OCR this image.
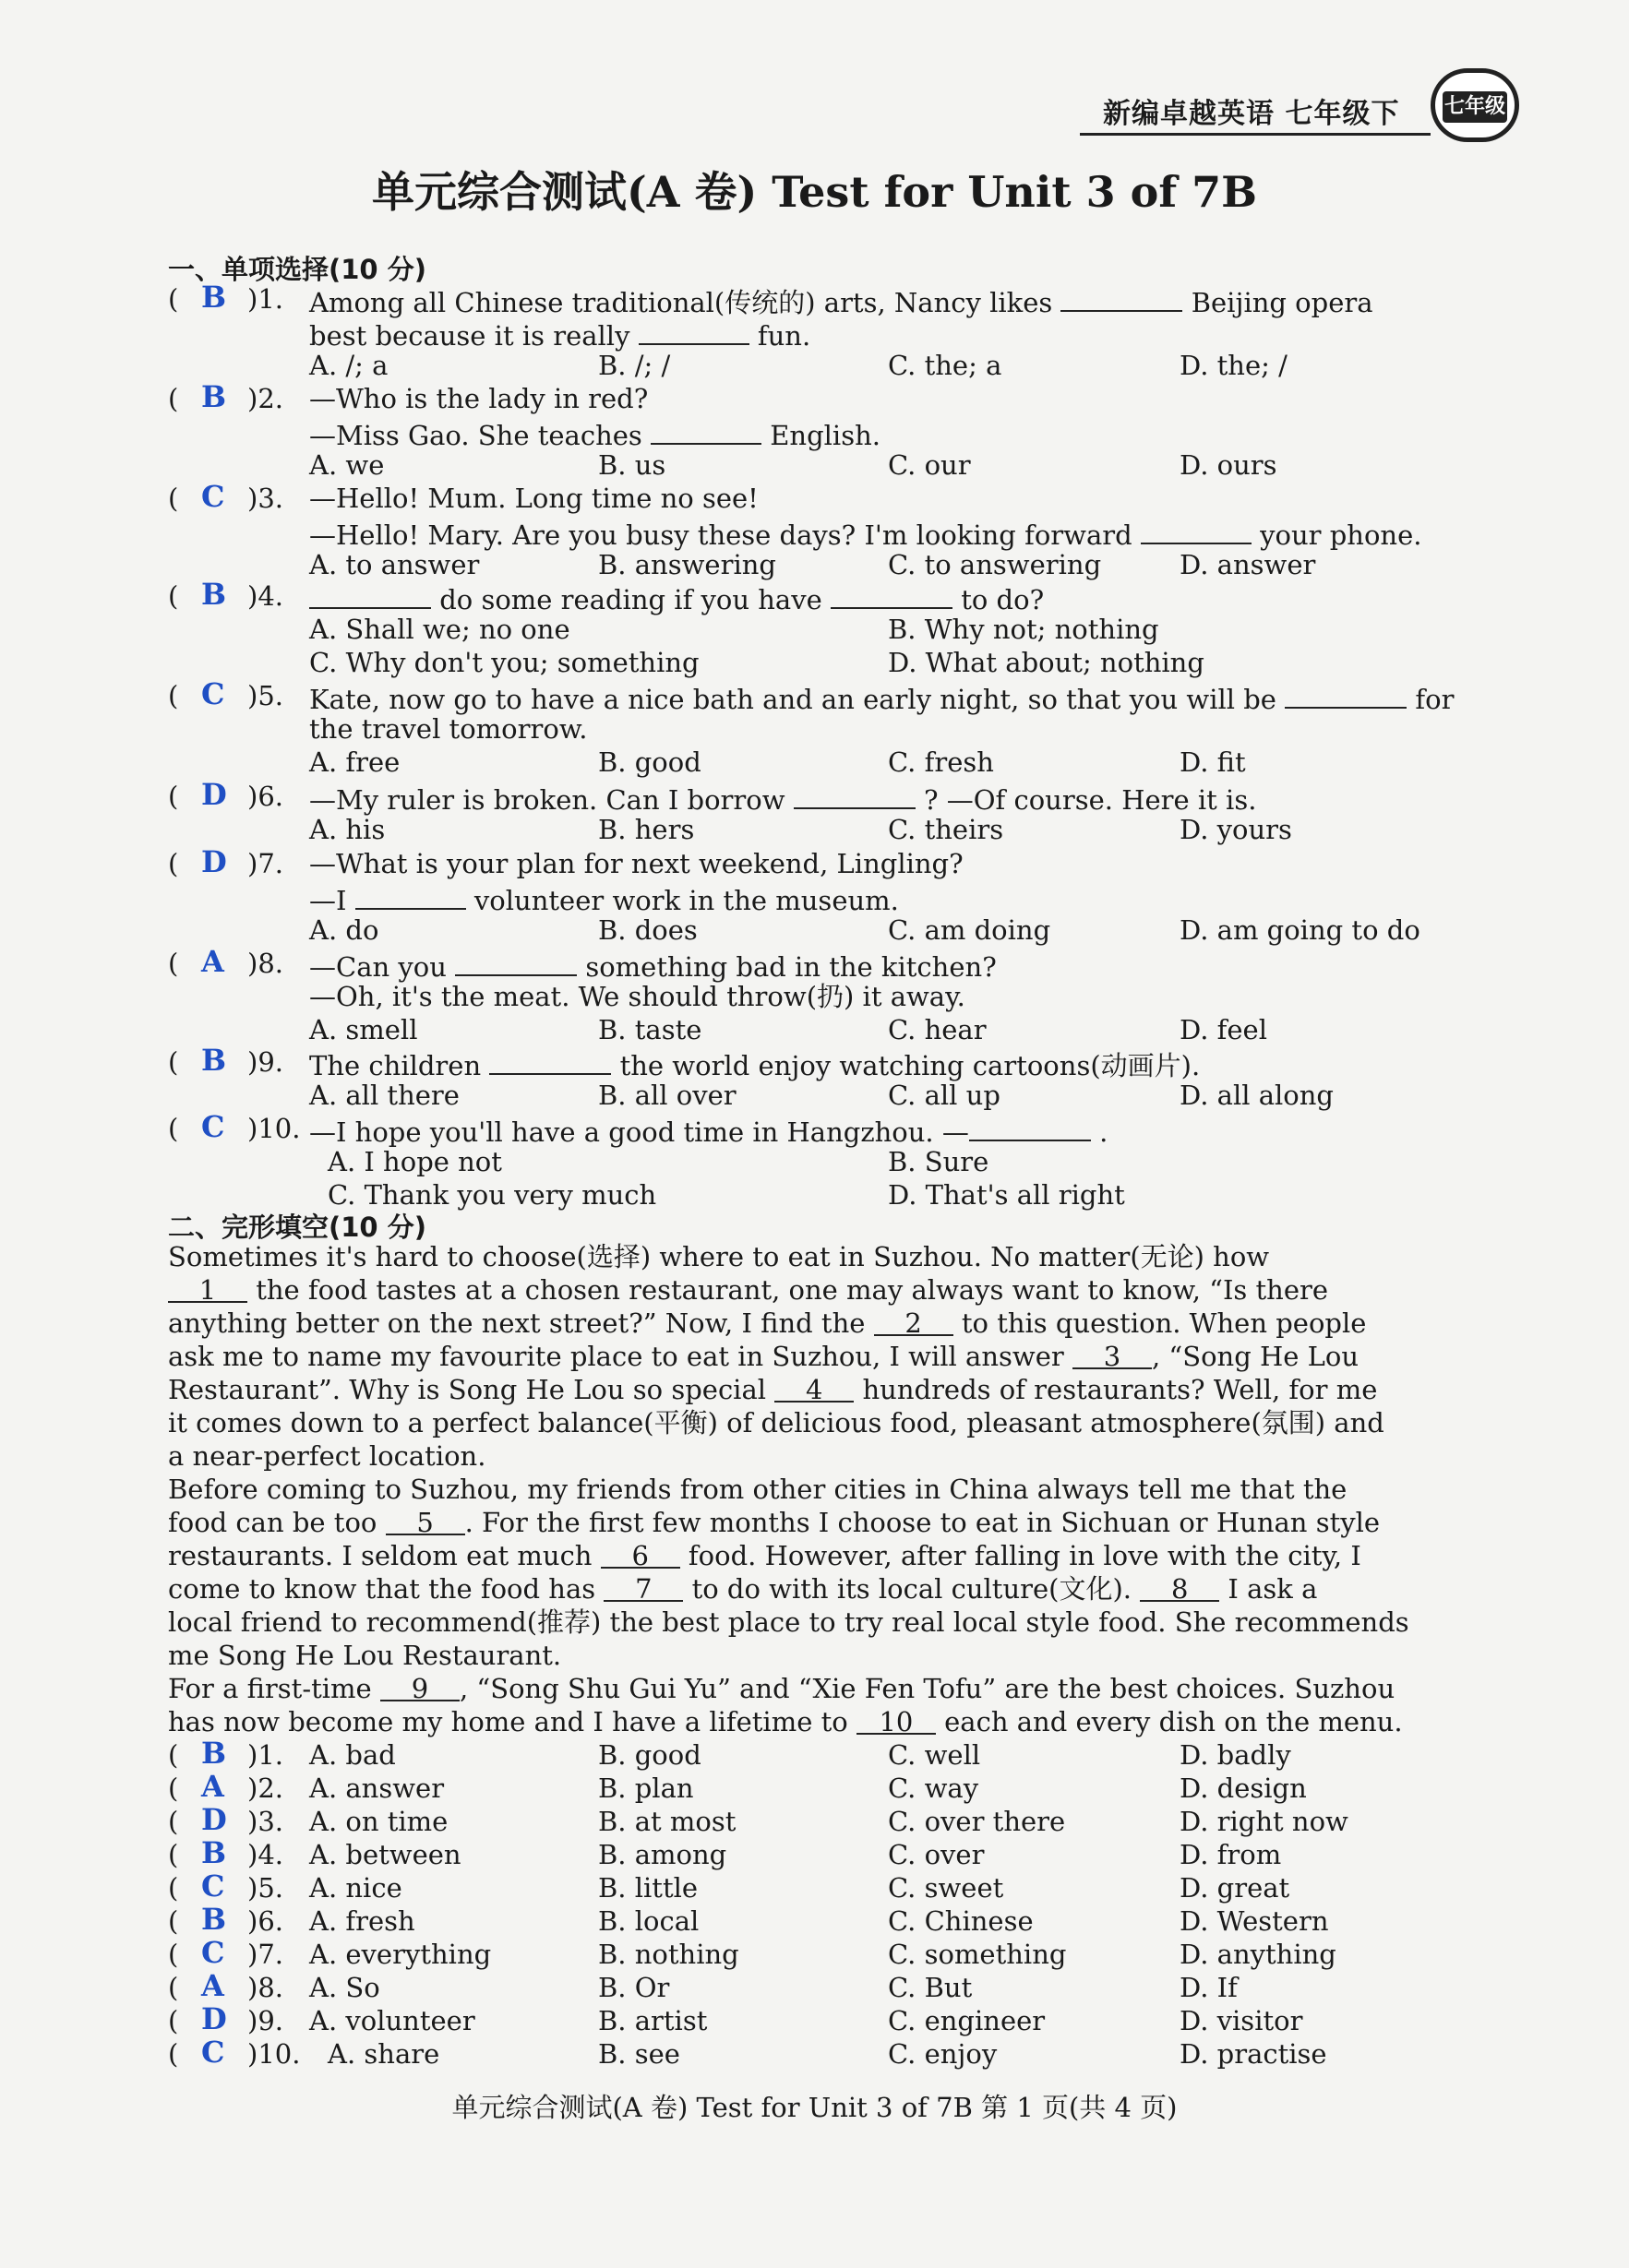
新编卓越英语 七年级下 七年级
单元综合测试(A 卷) Test for Unit 3 of 7B
一、单项选择(10 分)
( B )1. Among all Chinese traditional(传统的) arts, Nancy likes	Beijing opera
best because it is really	fun.
A. /; a	B. /; /	C. the; a	D. the; /
( B )2. —Who is the lady in red?
—Miss Gao. She teaches	English.
A. we	B. us	C. our	D. ours
( C )3. —Hello! Mum. Long time no see!
—Hello! Mary. Are you busy these days? I'm looking forward	your phone.
A. to answer	B. answering	C. to answering	D. answer
( B )4.	do some reading if you have	to do?
A. Shall we; no one	B. Why not; nothing
C. Why don't you; something	D. What about; nothing
( C )5. Kate, now go to have a nice bath and an early night, so that you will be	for
the travel tomorrow.
A. free	B. good	C. fresh	D. fit
( D )6. —My ruler is broken. Can I borrow	? —Of course. Here it is.
A. his	B. hers	C. theirs	D. yours
( D )7. —What is your plan for next weekend, Lingling?
—I	volunteer work in the museum.
A. do	B. does	C. am doing	D. am going to do
( A )8. —Can you	something bad in the kitchen?
—Oh, it's the meat. We should throw(扔) it away.
A. smell	B. taste	C. hear	D. feel
( B )9. The children	the world enjoy watching cartoons(动画片).
A. all there	B. all over	C. all up	D. all along
( C )10. —I hope you'll have a good time in Hangzhou. —	.
A. I hope not	B. Sure
C. Thank you very much	D. That's all right
二、完形填空(10 分)
Sometimes it's hard to choose(选择) where to eat in Suzhou. No matter(无论) how
1 the food tastes at a chosen restaurant, one may always want to know, “Is there
anything better on the next street?” Now, I find the 2 to this question. When people
ask me to name my favourite place to eat in Suzhou, I will answer 3 , “Song He Lou
Restaurant”. Why is Song He Lou so special 4 hundreds of restaurants? Well, for me
it comes down to a perfect balance(平衡) of delicious food, pleasant atmosphere(氛围) and
a near-perfect location.
Before coming to Suzhou, my friends from other cities in China always tell me that the
food can be too 5 . For the first few months I choose to eat in Sichuan or Hunan style
restaurants. I seldom eat much 6 food. However, after falling in love with the city, I
come to know that the food has 7 to do with its local culture(文化). 8 I ask a
local friend to recommend(推荐) the best place to try real local style food. She recommends
me Song He Lou Restaurant.
For a first-time 9 , “Song Shu Gui Yu” and “Xie Fen Tofu” are the best choices. Suzhou
has now become my home and I have a lifetime to 10 each and every dish on the menu.
( B )1. A. bad	B. good	C. well	D. badly
( A )2. A. answer	B. plan	C. way	D. design
( D )3. A. on time	B. at most	C. over there	D. right now
( B )4. A. between	B. among	C. over	D. from
( C )5. A. nice	B. little	C. sweet	D. great
( B )6. A. fresh	B. local	C. Chinese	D. Western
( C )7. A. everything	B. nothing	C. something	D. anything
( A )8. A. So	B. Or	C. But	D. If
( D )9. A. volunteer	B. artist	C. engineer	D. visitor
( C )10. A. share	B. see	C. enjoy	D. practise
单元综合测试(A 卷) Test for Unit 3 of 7B 第 1 页(共 4 页)
